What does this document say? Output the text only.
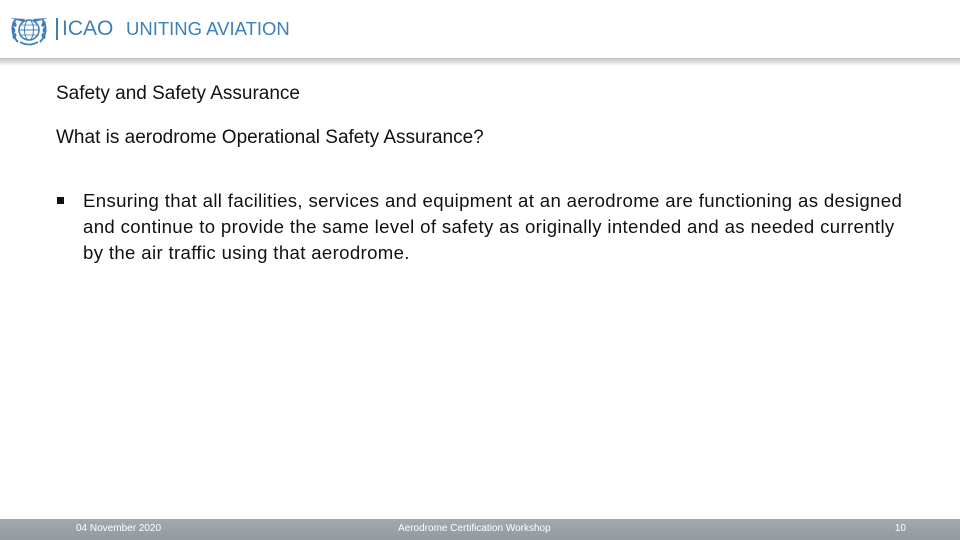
ICAO UNITING AVIATION
Safety and Safety Assurance
What is aerodrome Operational Safety Assurance?
Ensuring that all facilities, services and equipment at an aerodrome are functioning as designed and continue to provide the same level of safety as originally intended and as needed currently by the air traffic using that aerodrome.
04 November 2020	Aerodrome Certification Workshop	10
